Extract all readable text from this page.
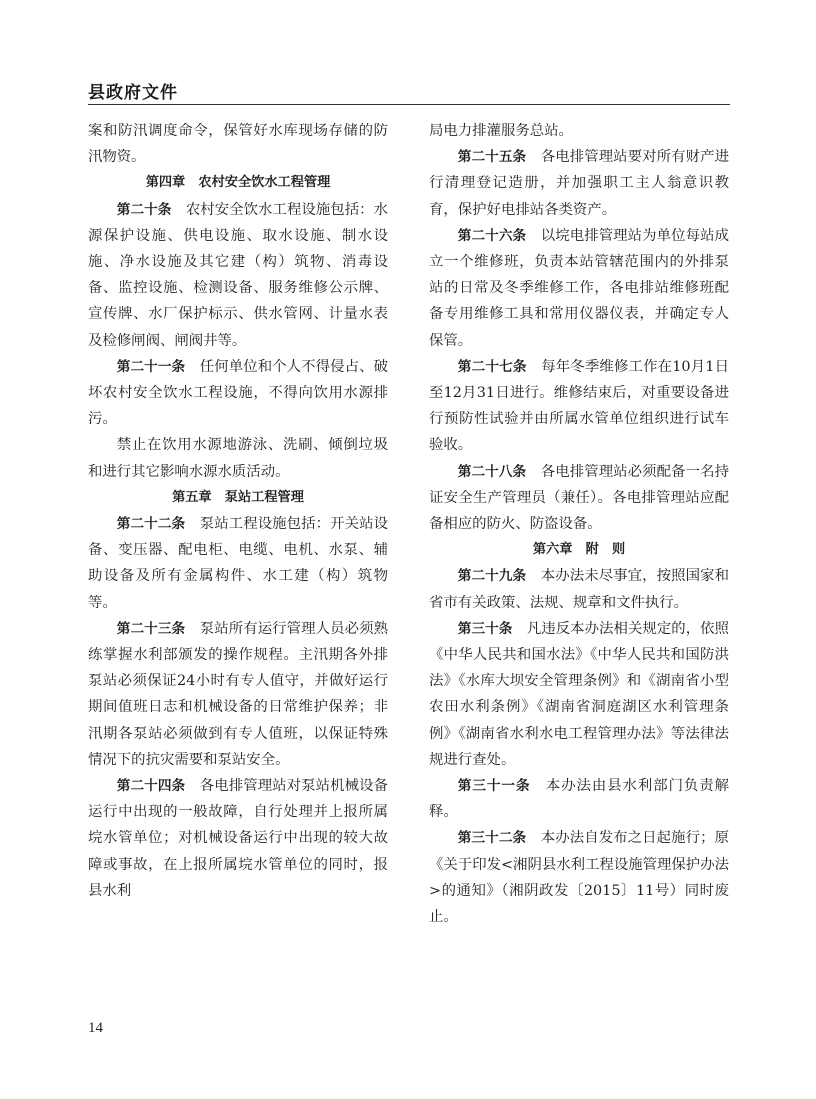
县政府文件

案和防汛调度命令，保管好水库现场存储的防汛物资。

第四章　农村安全饮水工程管理

第二十条　 农村安全饮水工程设施包括：水源保护设施、供电设施、取水设施、制水设施、净水设施及其它建（构）筑物、消毒设备、监控设施、检测设备、服务维修公示牌、宣传牌、水厂保护标示、供水管网、计量水表及检修闸阀、闸阀井等。

第二十一条　 任何单位和个人不得侵占、破坏农村安全饮水工程设施，不得向饮用水源排污。

禁止在饮用水源地游泳、洗刷、倾倒垃圾和进行其它影响水源水质活动。

第五章　泵站工程管理

第二十二条　 泵站工程设施包括：开关站设备、变压器、配电柜、电缆、电机、水泵、辅助设备及所有金属构件、水工建（构）筑物等。

第二十三条　 泵站所有运行管理人员必须熟练掌握水利部颁发的操作规程。主汛期各外排泵站必须保证24小时有专人值守，并做好运行期间值班日志和机械设备的日常维护保养；非汛期各泵站必须做到有专人值班，以保证特殊情况下的抗灾需要和泵站安全。

第二十四条　 各电排管理站对泵站机械设备运行中出现的一般故障，自行处理并上报所属垸水管单位；对机械设备运行中出现的较大故障或事故，在上报所属垸水管单位的同时，报县水利

局电力排灌服务总站。

第二十五条　 各电排管理站要对所有财产进行清理登记造册，并加强职工主人翁意识教育，保护好电排站各类资产。

第二十六条　 以垸电排管理站为单位每站成立一个维修班，负责本站管辖范围内的外排泵站的日常及冬季维修工作，各电排站维修班配备专用维修工具和常用仪器仪表，并确定专人保管。

第二十七条　 每年冬季维修工作在10月1日至12月31日进行。维修结束后，对重要设备进行预防性试验并由所属水管单位组织进行试车验收。

第二十八条　 各电排管理站必须配备一名持证安全生产管理员（兼任）。各电排管理站应配备相应的防火、防盗设备。

第六章　附　则

第二十九条　 本办法未尽事宜，按照国家和省市有关政策、法规、规章和文件执行。

第三十条　 凡违反本办法相关规定的，依照《中华人民共和国水法》《中华人民共和国防洪法》《水库大坝安全管理条例》和《湖南省小型农田水利条例》《湖南省洞庭湖区水利管理条例》《湖南省水利水电工程管理办法》等法律法规进行查处。

第三十一条　 本办法由县水利部门负责解释。

第三十二条　 本办法自发布之日起施行；原《关于印发<湘阴县水利工程设施管理保护办法>的通知》（湘阴政发〔2015〕11号）同时废止。

14
